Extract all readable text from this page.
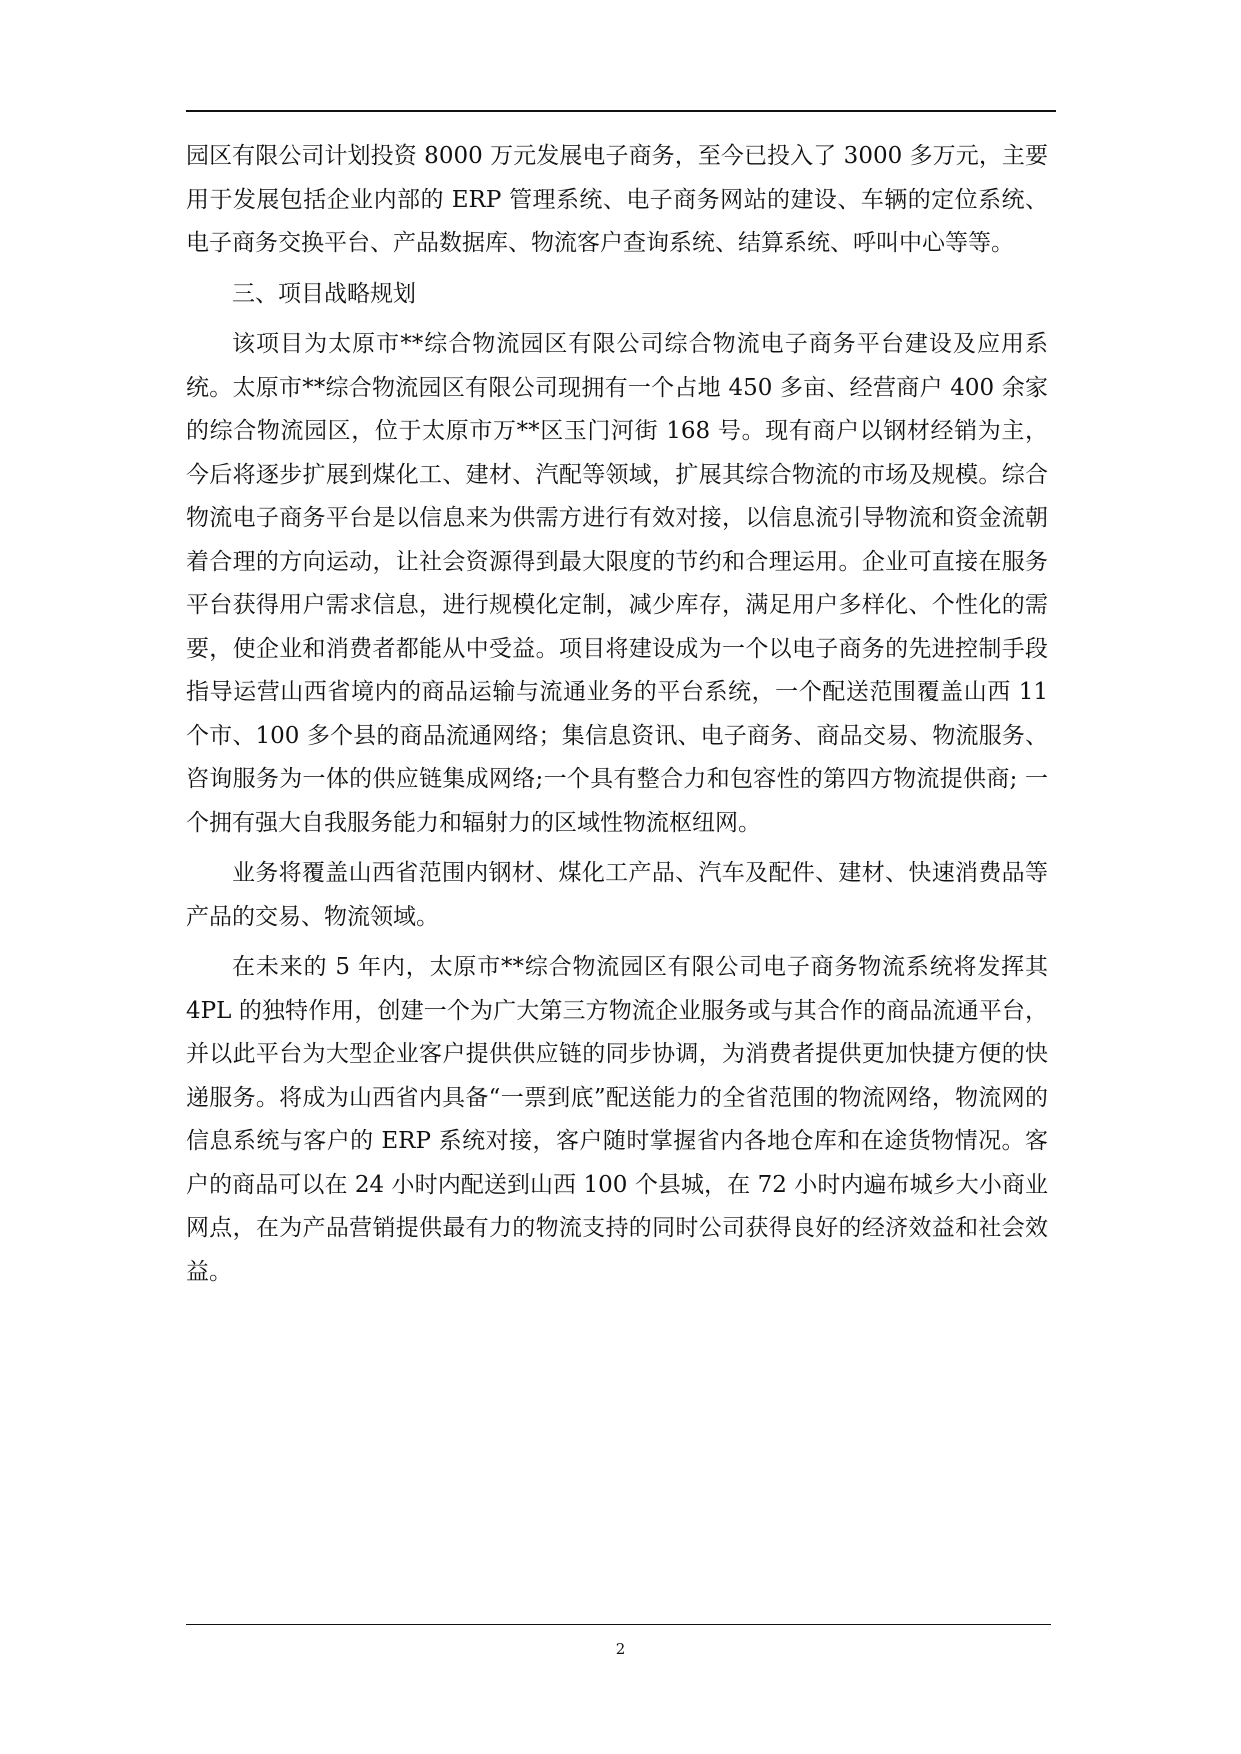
园区有限公司计划投资 8000 万元发展电子商务，至今已投入了 3000 多万元，主要用于发展包括企业内部的 ERP 管理系统、电子商务网站的建设、车辆的定位系统、电子商务交换平台、产品数据库、物流客户查询系统、结算系统、呼叫中心等等。

三、项目战略规划

该项目为太原市**综合物流园区有限公司综合物流电子商务平台建设及应用系统。太原市**综合物流园区有限公司现拥有一个占地 450 多亩、经营商户 400 余家的综合物流园区，位于太原市万**区玉门河街 168 号。现有商户以钢材经销为主，今后将逐步扩展到煤化工、建材、汽配等领域，扩展其综合物流的市场及规模。综合物流电子商务平台是以信息来为供需方进行有效对接，以信息流引导物流和资金流朝着合理的方向运动，让社会资源得到最大限度的节约和合理运用。企业可直接在服务平台获得用户需求信息，进行规模化定制，减少库存，满足用户多样化、个性化的需要，使企业和消费者都能从中受益。项目将建设成为一个以电子商务的先进控制手段指导运营山西省境内的商品运输与流通业务的平台系统，一个配送范围覆盖山西 11 个市、100 多个县的商品流通网络；集信息资讯、电子商务、商品交易、物流服务、咨询服务为一体的供应链集成网络;一个具有整合力和包容性的第四方物流提供商; 一个拥有强大自我服务能力和辐射力的区域性物流枢纽网。

业务将覆盖山西省范围内钢材、煤化工产品、汽车及配件、建材、快速消费品等产品的交易、物流领域。

在未来的 5 年内，太原市**综合物流园区有限公司电子商务物流系统将发挥其 4PL 的独特作用，创建一个为广大第三方物流企业服务或与其合作的商品流通平台，并以此平台为大型企业客户提供供应链的同步协调，为消费者提供更加快捷方便的快递服务。将成为山西省内具备“一票到底”配送能力的全省范围的物流网络，物流网的信息系统与客户的 ERP 系统对接，客户随时掌握省内各地仓库和在途货物情况。客户的商品可以在 24 小时内配送到山西 100 个县城，在 72 小时内遍布城乡大小商业网点，在为产品营销提供最有力的物流支持的同时公司获得良好的经济效益和社会效益。

2
